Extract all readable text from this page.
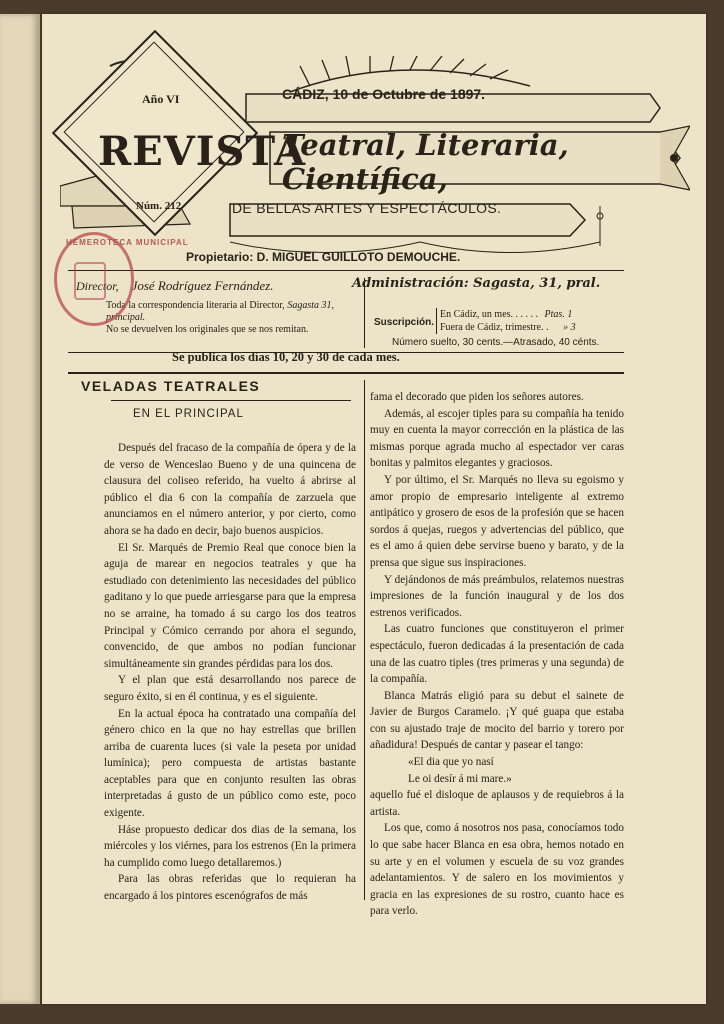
Año VI
REVISTA
Núm. 212
CÁDIZ, 10 de Octubre de 1897.
Teatral, Literaria, Científica,
DE BELLAS ARTES Y ESPECTÁCULOS.
Propietario: D. MIGUEL GUILLOTO DEMOUCHE.
Director, José Rodríguez Fernández.
Toda la correspondencia literaria al Director, Sagasta 31, principal.
No se devuelven los originales que se nos remitan.
HEMEROTECA MUNICIPAL
Administración: Sagasta, 31, pral.
Suscripción.
En Cádiz, un mes. . . . . . Ptas. 1
Fuera de Cádiz, trimestre. . » 3
Número suelto, 30 cents.—Atrasado, 40 cénts.
Se publica los días 10, 20 y 30 de cada mes.
VELADAS TEATRALES
EN EL PRINCIPAL

Después del fracaso de la compañía de ópera y de la de verso de Wenceslao Bueno y de una quincena de clausura del coliseo referido, ha vuelto á abrirse al público el dia 6 con la compañía de zarzuela que anunciamos en el número anterior, y por cierto, como ahora se ha dado en decir, bajo buenos auspicios.

El Sr. Marqués de Premio Real que conoce bien la aguja de marear en negocios teatrales y que ha estudiado con detenimiento las necesidades del público gaditano y lo que puede arriesgarse para que la empresa no se arraine, ha tomado á su cargo los dos teatros Principal y Cómico cerrando por ahora el segundo, convencido, de que ambos no podían funcionar simultáneamente sin grandes pérdidas para los dos.

Y el plan que está desarrollando nos parece de seguro éxito, si en él continua, y es el siguiente.

En la actual época ha contratado una compañía del género chico en la que no hay estrellas que brillen arriba de cuarenta luces (si vale la peseta por unidad lumínica); pero compuesta de artistas bastante aceptables para que en conjunto resulten las obras interpretadas á gusto de un público como este, poco exigente.

Háse propuesto dedicar dos dias de la semana, los miércoles y los viérnes, para los estrenos (En la primera ha cumplido como luego detallaremos.)

Para las obras referidas que lo requieran ha encargado á los pintores escenógrafos de más

fama el decorado que piden los señores autores.

Además, al escojer tiples para su compañía ha tenido muy en cuenta la mayor corrección en la plástica de las mismas porque agrada mucho al espectador ver caras bonitas y palmitos elegantes y graciosos.

Y por último, el Sr. Marqués no lleva su egoismo y amor propio de empresario inteligente al extremo antipático y grosero de esos de la profesión que se hacen sordos á quejas, ruegos y advertencias del público, que es el amo á quien debe servirse bueno y barato, y de la prensa que sigue sus inspiraciones.

Y dejándonos de más preámbulos, relatemos nuestras impresiones de la función inaugural y de los dos estrenos verificados.

Las cuatro funciones que constituyeron el primer espectáculo, fueron dedicadas á la presentación de cada una de las cuatro tiples (tres primeras y una segunda) de la compañía.

Blanca Matrás eligió para su debut el sainete de Javier de Burgos Caramelo. ¡Y qué guapa que estaba con su ajustado traje de mocito del barrio y torero por añadidura! Después de cantar y pasear el tango:

«El dia que yo nasí

Le oi desír á mi mare.»

aquello fué el disloque de aplausos y de requiebros á la artista.

Los que, como á nosotros nos pasa, conocíamos todo lo que sabe hacer Blanca en esa obra, hemos notado en su arte y en el volumen y escuela de su voz grandes adelantamientos. Y de salero en los movimientos y gracia en las expresiones de su rostro, cuanto hace es para verlo.
